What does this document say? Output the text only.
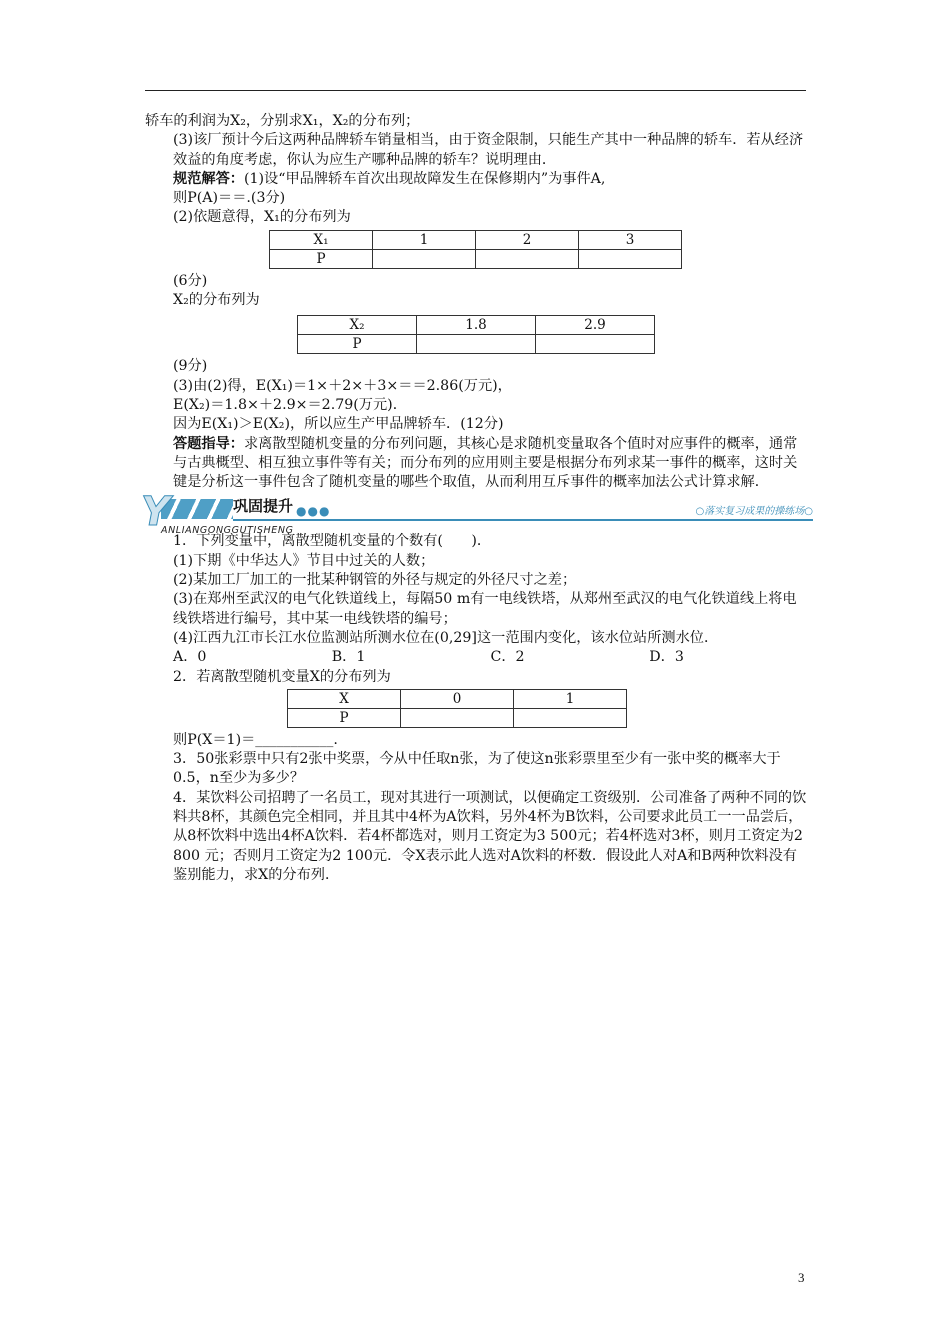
轿车的利润为X₂，分别求X₁，X₂的分布列；

(3)该厂预计今后这两种品牌轿车销量相当，由于资金限制，只能生产其中一种品牌的轿车．若从经济效益的角度考虑，你认为应生产哪种品牌的轿车？说明理由．

规范解答：(1)设“甲品牌轿车首次出现故障发生在保修期内”为事件A,

则P(A)＝＝.(3分)

(2)依题意得，X₁的分布列为

X₁	1	2	3
P			

(6分)

X₂的分布列为

X₂	1.8	2.9
P		

(9分)

(3)由(2)得，E(X₁)＝1×＋2×＋3×＝＝2.86(万元)，

E(X₂)＝1.8×＋2.9×＝2.79(万元)．

因为E(X₁)＞E(X₂)，所以应生产甲品牌轿车．(12分)

答题指导：求离散型随机变量的分布列问题，其核心是求随机变量取各个值时对应事件的概率，通常与古典概型、相互独立事件等有关；而分布列的应用则主要是根据分布列求某一事件的概率，这时关键是分析这一事件包含了随机变量的哪些个取值，从而利用互斥事件的概率加法公式计算求解．

Y	巩固提升 ●●●
ANLIANGONGGUTISHENG
○落实复习成果的操练场○

1．下列变量中，离散型随机变量的个数有(　　)．

(1)下期《中华达人》节目中过关的人数；

(2)某加工厂加工的一批某种钢管的外径与规定的外径尺寸之差；

(3)在郑州至武汉的电气化铁道线上，每隔50 m有一电线铁塔，从郑州至武汉的电气化铁道线上将电线铁塔进行编号，其中某一电线铁塔的编号；

(4)江西九江市长江水位监测站所测水位在(0,29]这一范围内变化，该水位站所测水位．

A．0	B．1	C．2	D．3

2．若离散型随机变量X的分布列为

X	0	1
P		

则P(X＝1)＝___________.

3．50张彩票中只有2张中奖票，今从中任取n张，为了使这n张彩票里至少有一张中奖的概率大于0.5，n至少为多少？

4．某饮料公司招聘了一名员工，现对其进行一项测试，以便确定工资级别．公司准备了两种不同的饮料共8杯，其颜色完全相同，并且其中4杯为A饮料，另外4杯为B饮料，公司要求此员工一一品尝后，从8杯饮料中选出4杯A饮料．若4杯都选对，则月工资定为3 500元；若4杯选对3杯，则月工资定为2 800 元；否则月工资定为2 100元．令X表示此人选对A饮料的杯数．假设此人对A和B两种饮料没有鉴别能力，求X的分布列．

3
